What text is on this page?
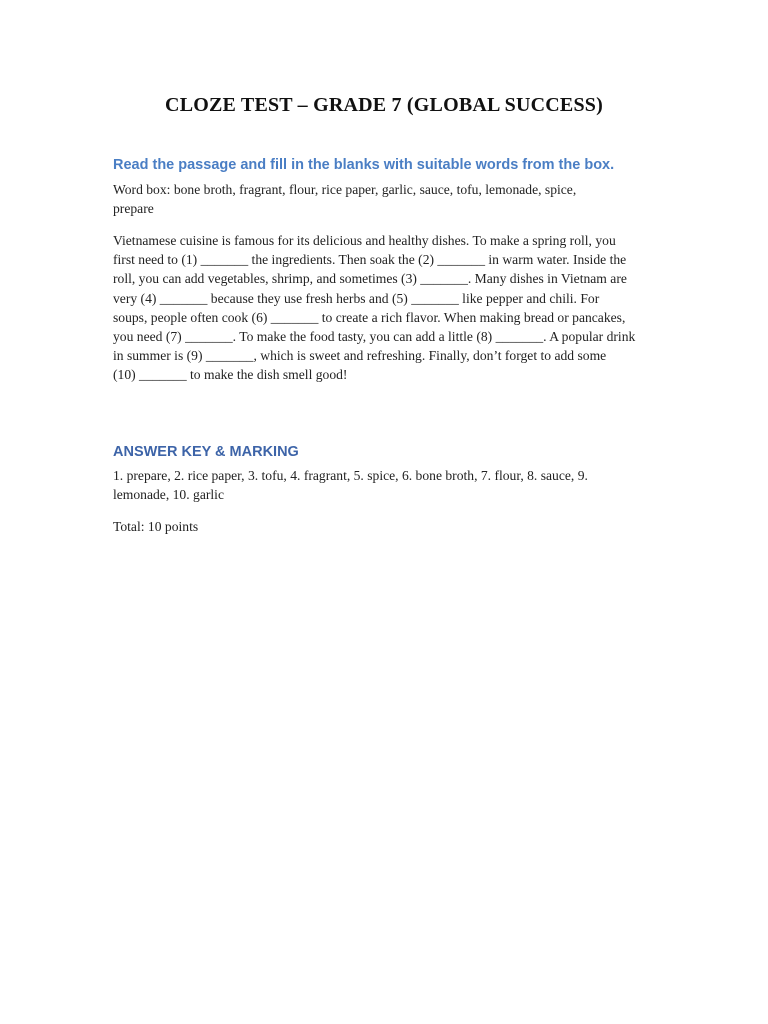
CLOZE TEST – GRADE 7 (GLOBAL SUCCESS)
Read the passage and fill in the blanks with suitable words from the box.

Word box: bone broth, fragrant, flour, rice paper, garlic, sauce, tofu, lemonade, spice,
prepare

Vietnamese cuisine is famous for its delicious and healthy dishes. To make a spring roll, you
first need to (1) _______ the ingredients. Then soak the (2) _______ in warm water. Inside the
roll, you can add vegetables, shrimp, and sometimes (3) _______. Many dishes in Vietnam are
very (4) _______ because they use fresh herbs and (5) _______ like pepper and chili. For
soups, people often cook (6) _______ to create a rich flavor. When making bread or pancakes,
you need (7) _______. To make the food tasty, you can add a little (8) _______. A popular drink
in summer is (9) _______, which is sweet and refreshing. Finally, don’t forget to add some
(10) _______ to make the dish smell good!

ANSWER KEY & MARKING

1. prepare, 2. rice paper, 3. tofu, 4. fragrant, 5. spice, 6. bone broth, 7. flour, 8. sauce, 9.
lemonade, 10. garlic

Total: 10 points
